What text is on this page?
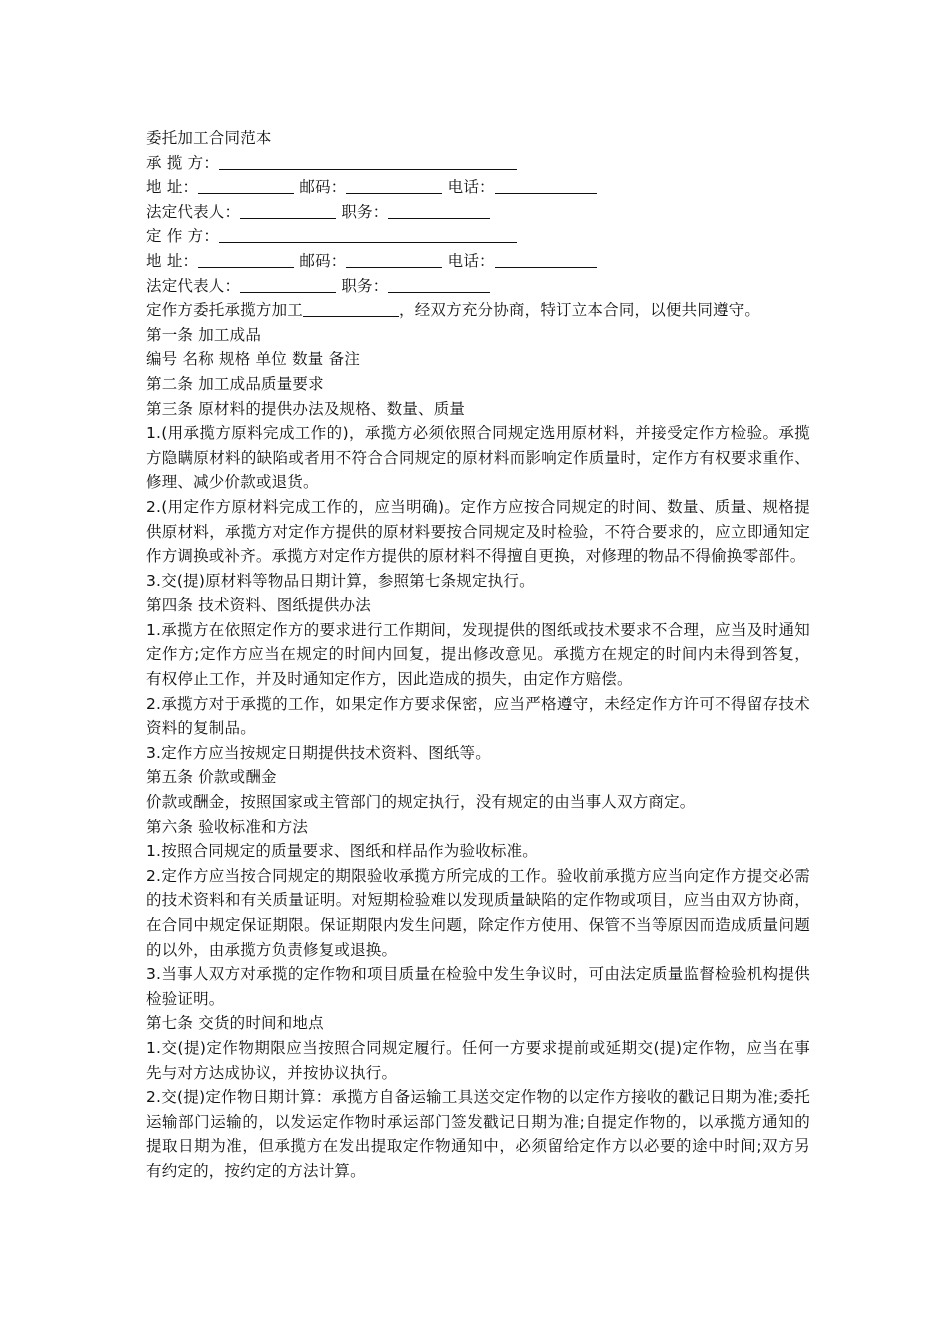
委托加工合同范本
承 揽 方：
地 址：	邮码：	电话：
法定代表人：	职务：
定 作 方：
地 址：	邮码：	电话：
法定代表人：	职务：
定作方委托承揽方加工	，经双方充分协商，特订立本合同，以便共同遵守。
第一条 加工成品
编号 名称 规格 单位 数量 备注
第二条 加工成品质量要求
第三条 原材料的提供办法及规格、数量、质量
1.(用承揽方原料完成工作的)，承揽方必须依照合同规定选用原材料，并接受定作方检验。承揽方隐瞒原材料的缺陷或者用不符合合同规定的原材料而影响定作质量时，定作方有权要求重作、修理、减少价款或退货。
2.(用定作方原材料完成工作的，应当明确)。定作方应按合同规定的时间、数量、质量、规格提供原材料，承揽方对定作方提供的原材料要按合同规定及时检验，不符合要求的，应立即通知定作方调换或补齐。承揽方对定作方提供的原材料不得擅自更换，对修理的物品不得偷换零部件。
3.交(提)原材料等物品日期计算，参照第七条规定执行。
第四条 技术资料、图纸提供办法
1.承揽方在依照定作方的要求进行工作期间，发现提供的图纸或技术要求不合理，应当及时通知定作方;定作方应当在规定的时间内回复，提出修改意见。承揽方在规定的时间内未得到答复，有权停止工作，并及时通知定作方，因此造成的损失，由定作方赔偿。
2.承揽方对于承揽的工作，如果定作方要求保密，应当严格遵守，未经定作方许可不得留存技术资料的复制品。
3.定作方应当按规定日期提供技术资料、图纸等。
第五条 价款或酬金
价款或酬金，按照国家或主管部门的规定执行，没有规定的由当事人双方商定。
第六条 验收标准和方法
1.按照合同规定的质量要求、图纸和样品作为验收标准。
2.定作方应当按合同规定的期限验收承揽方所完成的工作。验收前承揽方应当向定作方提交必需的技术资料和有关质量证明。对短期检验难以发现质量缺陷的定作物或项目，应当由双方协商，在合同中规定保证期限。保证期限内发生问题，除定作方使用、保管不当等原因而造成质量问题的以外，由承揽方负责修复或退换。
3.当事人双方对承揽的定作物和项目质量在检验中发生争议时，可由法定质量监督检验机构提供检验证明。
第七条 交货的时间和地点
1.交(提)定作物期限应当按照合同规定履行。任何一方要求提前或延期交(提)定作物，应当在事先与对方达成协议，并按协议执行。
2.交(提)定作物日期计算：承揽方自备运输工具送交定作物的以定作方接收的戳记日期为准;委托运输部门运输的，以发运定作物时承运部门签发戳记日期为准;自提定作物的，以承揽方通知的提取日期为准，但承揽方在发出提取定作物通知中，必须留给定作方以必要的途中时间;双方另有约定的，按约定的方法计算。
